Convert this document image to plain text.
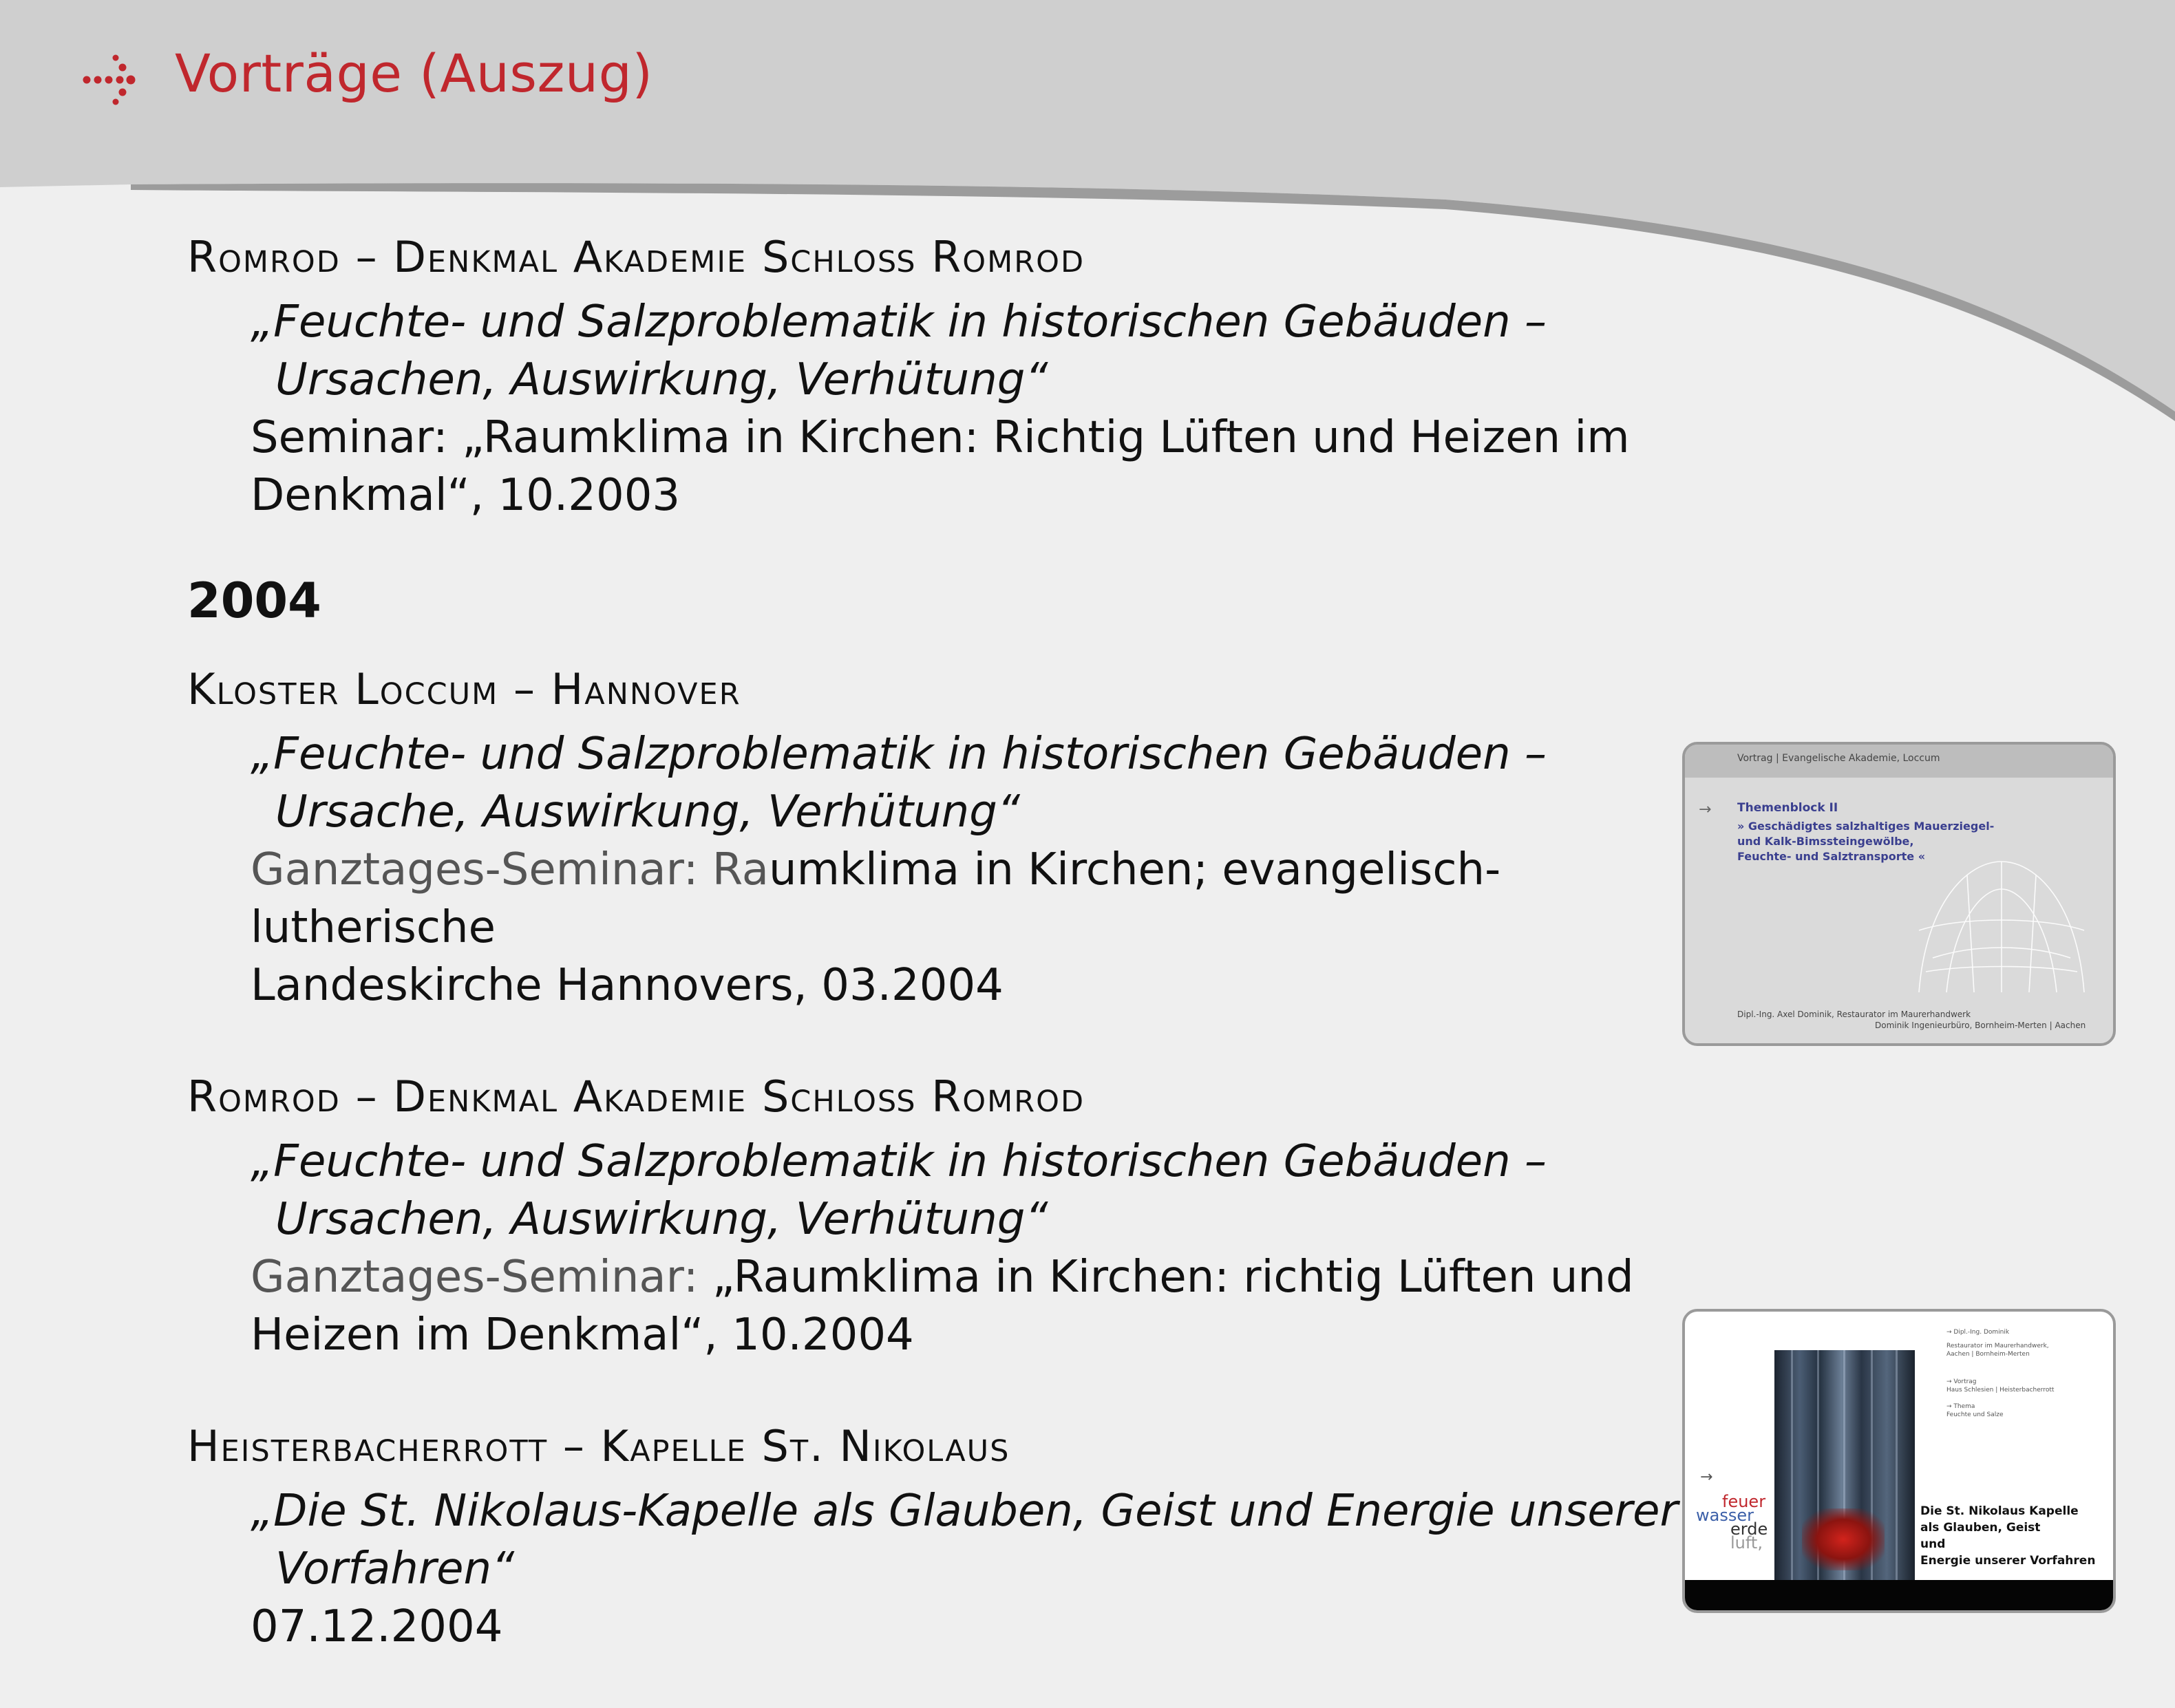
Vorträge (Auszug)
Romrod – Denkmal Akademie Schloß Romrod
„Feuchte- und Salzproblematik in historischen Gebäuden –
Ursachen, Auswirkung, Verhütung“
Seminar: „Raumklima in Kirchen: Richtig Lüften und Heizen im
Denkmal“, 10.2003
2004
Kloster Loccum – Hannover
„Feuchte- und Salzproblematik in historischen Gebäuden –
Ursache, Auswirkung, Verhütung“
Ganztages-Seminar: Raumklima in Kirchen; evangelisch-lutherische
Landeskirche Hannovers, 03.2004
Romrod – Denkmal Akademie Schloß Romrod
„Feuchte- und Salzproblematik in historischen Gebäuden –
Ursachen, Auswirkung, Verhütung“
Ganztages-Seminar: „Raumklima in Kirchen: richtig Lüften und
Heizen im Denkmal“, 10.2004
Heisterbacherrott – Kapelle St. Nikolaus
„Die St. Nikolaus-Kapelle als Glauben, Geist und Energie unserer
Vorfahren“
07.12.2004
Vortrag | Evangelische Akademie, Loccum
→ Themenblock II
» Geschädigtes salzhaltiges Mauerziegel-
und Kalk-Bimssteingewölbe,
Feuchte- und Salztransporte «
Dipl.-Ing. Axel Dominik, Restaurator im Maurerhandwerk
Dominik Ingenieurbüro, Bornheim-Merten | Aachen
→ Dipl.-Ing. Dominik
Restaurator im Maurerhandwerk,
Aachen | Bornheim-Merten
→ Vortrag
Haus Schlesien | Heisterbacherrott
→ Thema
Feuchte und Salze
→
feuer
wasser
erde
luft,
Die St. Nikolaus Kapelle
als Glauben, Geist
und
Energie unserer Vorfahren
